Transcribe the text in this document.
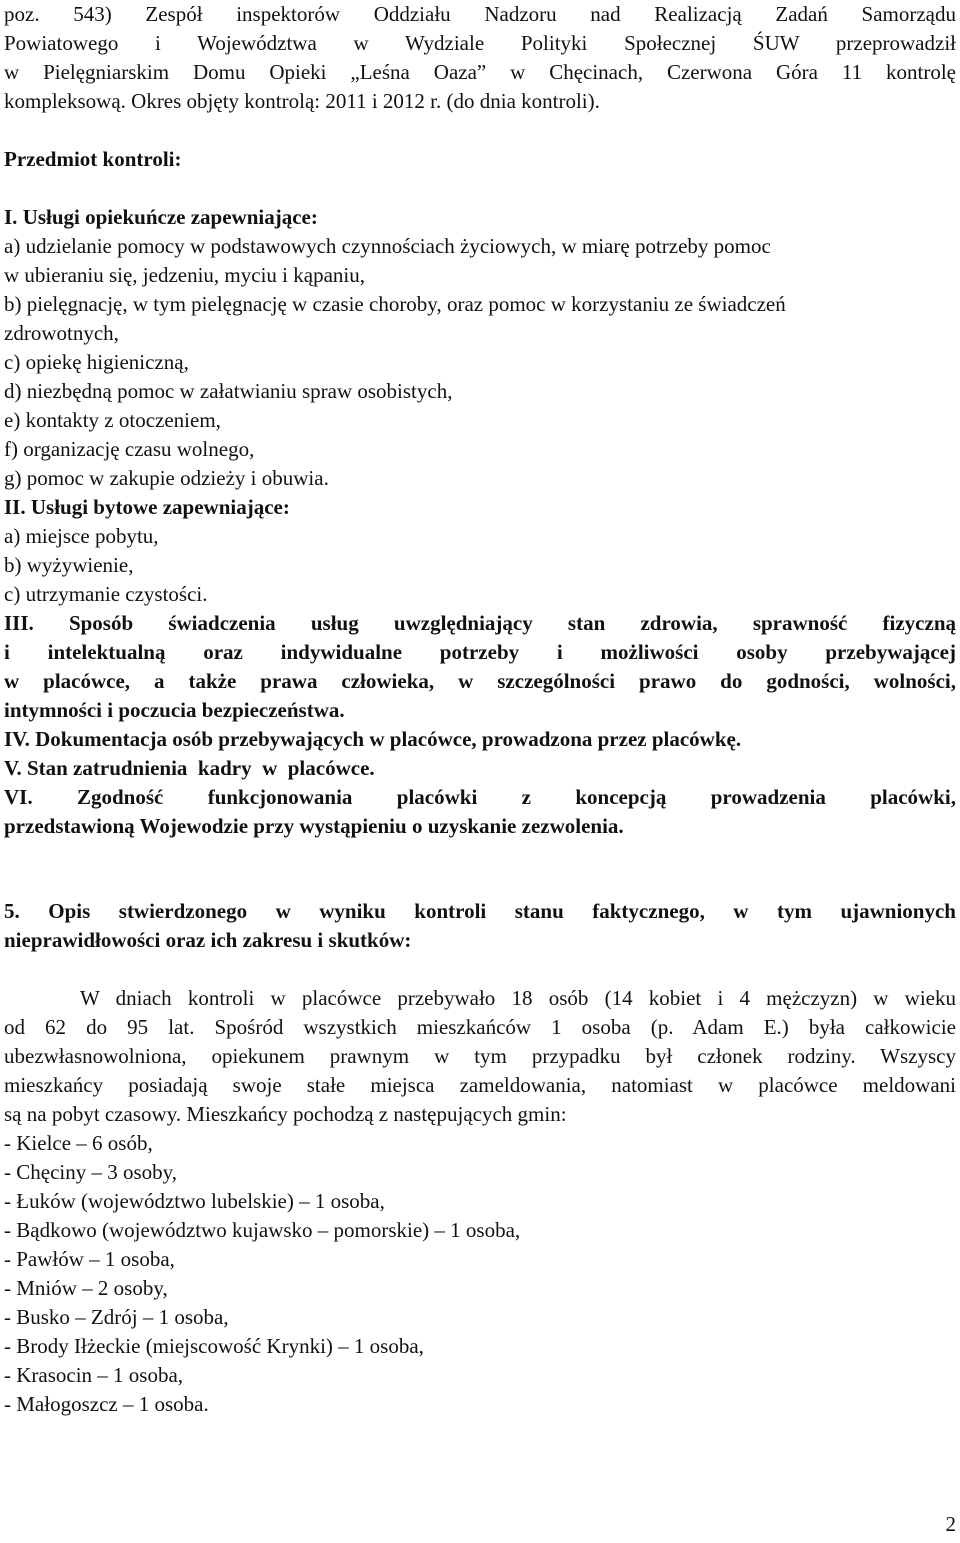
poz. 543) Zespół inspektorów Oddziału Nadzoru nad Realizacją Zadań Samorządu

Powiatowego i Województwa w Wydziale Polityki Społecznej ŚUW przeprowadził

w Pielęgniarskim Domu Opieki „Leśna Oaza” w Chęcinach, Czerwona Góra 11 kontrolę

kompleksową. Okres objęty kontrolą: 2011 i 2012 r. (do dnia kontroli).

Przedmiot kontroli:

I. Usługi opiekuńcze zapewniające:

a) udzielanie pomocy w podstawowych czynnościach życiowych, w miarę potrzeby pomoc

w ubieraniu się, jedzeniu, myciu i kąpaniu,

b) pielęgnację, w tym pielęgnację w czasie choroby, oraz pomoc w korzystaniu ze świadczeń

zdrowotnych,

c) opiekę higieniczną,

d) niezbędną pomoc w załatwianiu spraw osobistych,

e) kontakty z otoczeniem,

f) organizację czasu wolnego,

g) pomoc w zakupie odzieży i obuwia.

II. Usługi bytowe zapewniające:

a) miejsce pobytu,

b) wyżywienie,

c) utrzymanie czystości.

III. Sposób świadczenia usług uwzględniający stan zdrowia, sprawność fizyczną

i intelektualną oraz indywidualne potrzeby i możliwości osoby przebywającej

w placówce, a także prawa człowieka, w szczególności prawo do godności, wolności,

intymności i poczucia bezpieczeństwa.

IV. Dokumentacja osób przebywających w placówce, prowadzona przez placówkę.

V. Stan zatrudnienia  kadry  w  placówce.

VI. Zgodność funkcjonowania placówki z koncepcją prowadzenia placówki,

przedstawioną Wojewodzie przy wystąpieniu o uzyskanie zezwolenia.

5. Opis stwierdzonego w wyniku kontroli stanu faktycznego, w tym ujawnionych

nieprawidłowości oraz ich zakresu i skutków:

W dniach kontroli w placówce przebywało 18 osób (14 kobiet i 4 mężczyzn) w wieku

od 62 do 95 lat. Spośród wszystkich mieszkańców 1 osoba (p. Adam E.) była całkowicie

ubezwłasnowolniona, opiekunem prawnym w tym przypadku był członek rodziny. Wszyscy

mieszkańcy posiadają swoje stałe miejsca zameldowania, natomiast w placówce meldowani

są na pobyt czasowy. Mieszkańcy pochodzą z następujących gmin:

- Kielce – 6 osób,

- Chęciny – 3 osoby,

- Łuków (województwo lubelskie) – 1 osoba,

- Bądkowo (województwo kujawsko – pomorskie) – 1 osoba,

- Pawłów – 1 osoba,

- Mniów – 2 osoby,

- Busko – Zdrój – 1 osoba,

- Brody Iłżeckie (miejscowość Krynki) – 1 osoba,

- Krasocin – 1 osoba,

- Małogoszcz – 1 osoba.

2
